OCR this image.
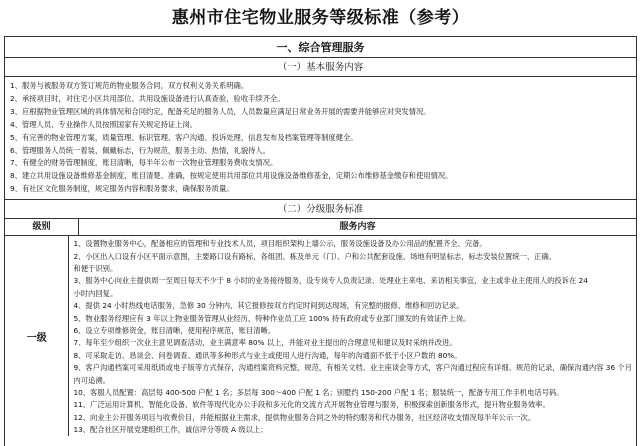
惠州市住宅物业服务等级标准（参考）
一、综合管理服务
（一）基本服务内容
1、服务与被服务双方签订规范的物业服务合同，双方权利义务关系明确。
2、承接项目时，对住宅小区共用部位、共用设施设备进行认真查验，验收手续齐全。
3、应根据物业管理区域的具体情况和合同约定，配备充足的服务人员，人员数量应满足日常业务开展的需要并能够应对突发情况。
4、管理人员、专业操作人员按照国家有关规定持证上岗。
5、有完善的物业管理方案，质量管理、标识管理、客户沟通、投诉处理、信息发布及档案管理等制度健全。
6、管理服务人员统一着装、佩戴标志，行为规范，服务主动、热情，礼貌待人。
7、有健全的财务管理制度，账目清晰，每半年公布一次物业管理服务费收支情况。
8、建立共用设施设备维修基金制度，账目清楚、准确，按规定使用共用部位共用设施设备维修基金，定期公布维修基金缴存和使用情况。
9、有社区文化服务制度，规定服务内容和服务要求，确保服务质量。
（二）分级服务标准
级别	服务内容
一级
1、设置物业服务中心，配备相应的管理和专业技术人员，项目组织架构上墙公示，服务设施设备及办公用品的配置齐全、完备。
2、小区出入口设有小区平面示意图，主要路口设有路标，各组团、栋及单元（门）、户和公共配套设施、场地有明显标志，标志安装位置统一、正确、
和便于识别。
3、服务中心向业主提供周一至周日每天不少于 8 小时的业务接待服务，设专岗专人负责记录、处理业主来电、来访相关事宜，业主或非业主使用人的投诉在 24
小时内回复。
4、提供 24 小时热线电话服务，急修 30 分钟内、其它报修按双方约定时间到达现场，有完整的报修、维修和回访记录。
5、物业服务经理应有 3 年以上物业服务管理从业经历，特种作业员工应 100% 持有政府或专业部门颁发的有效证件上岗。
6、设立专项维修资金，账目清晰，使用程序规范，账目清晰。
7、每年至少组织一次业主意见调查活动，业主满意率 80% 以上，并能对业主提出的合理意见和建议及时采纳并改进。
8、可采取走访、恳谈会、问卷调查、通讯等多种形式与业主或使用人进行沟通，每年的沟通面不低于小区户数的 80%。
9、客户沟通档案可采用纸质或电子版等方式保存，沟通档案资料完整、规范，有相关文档、业主座谈会等方式，客户沟通过程应有详细、规范的记录，确保沟通内容 36 个月
内可追溯。
10、客服人员配置：高层每 400-500 户配 1 名；多层每 300～400 户配 1 名；别墅约 150-200 户配 1 名；服装统一，配备专用工作手机电话号码。
11、广泛运用计算机、智能化设备、软件等现代化办公手段和多元化的交流方式开展物业管理与服务，积极探索创新服务形式，提升物业服务效率。
12、向业主公开服务项目与收费价目，并能根据业主需求，提供物业服务合同之外的特约服务和代办服务，社区经济收支情况每半年公示一次。
13、配合社区开展党建组织工作，诚信评分等级 A 级以上；
